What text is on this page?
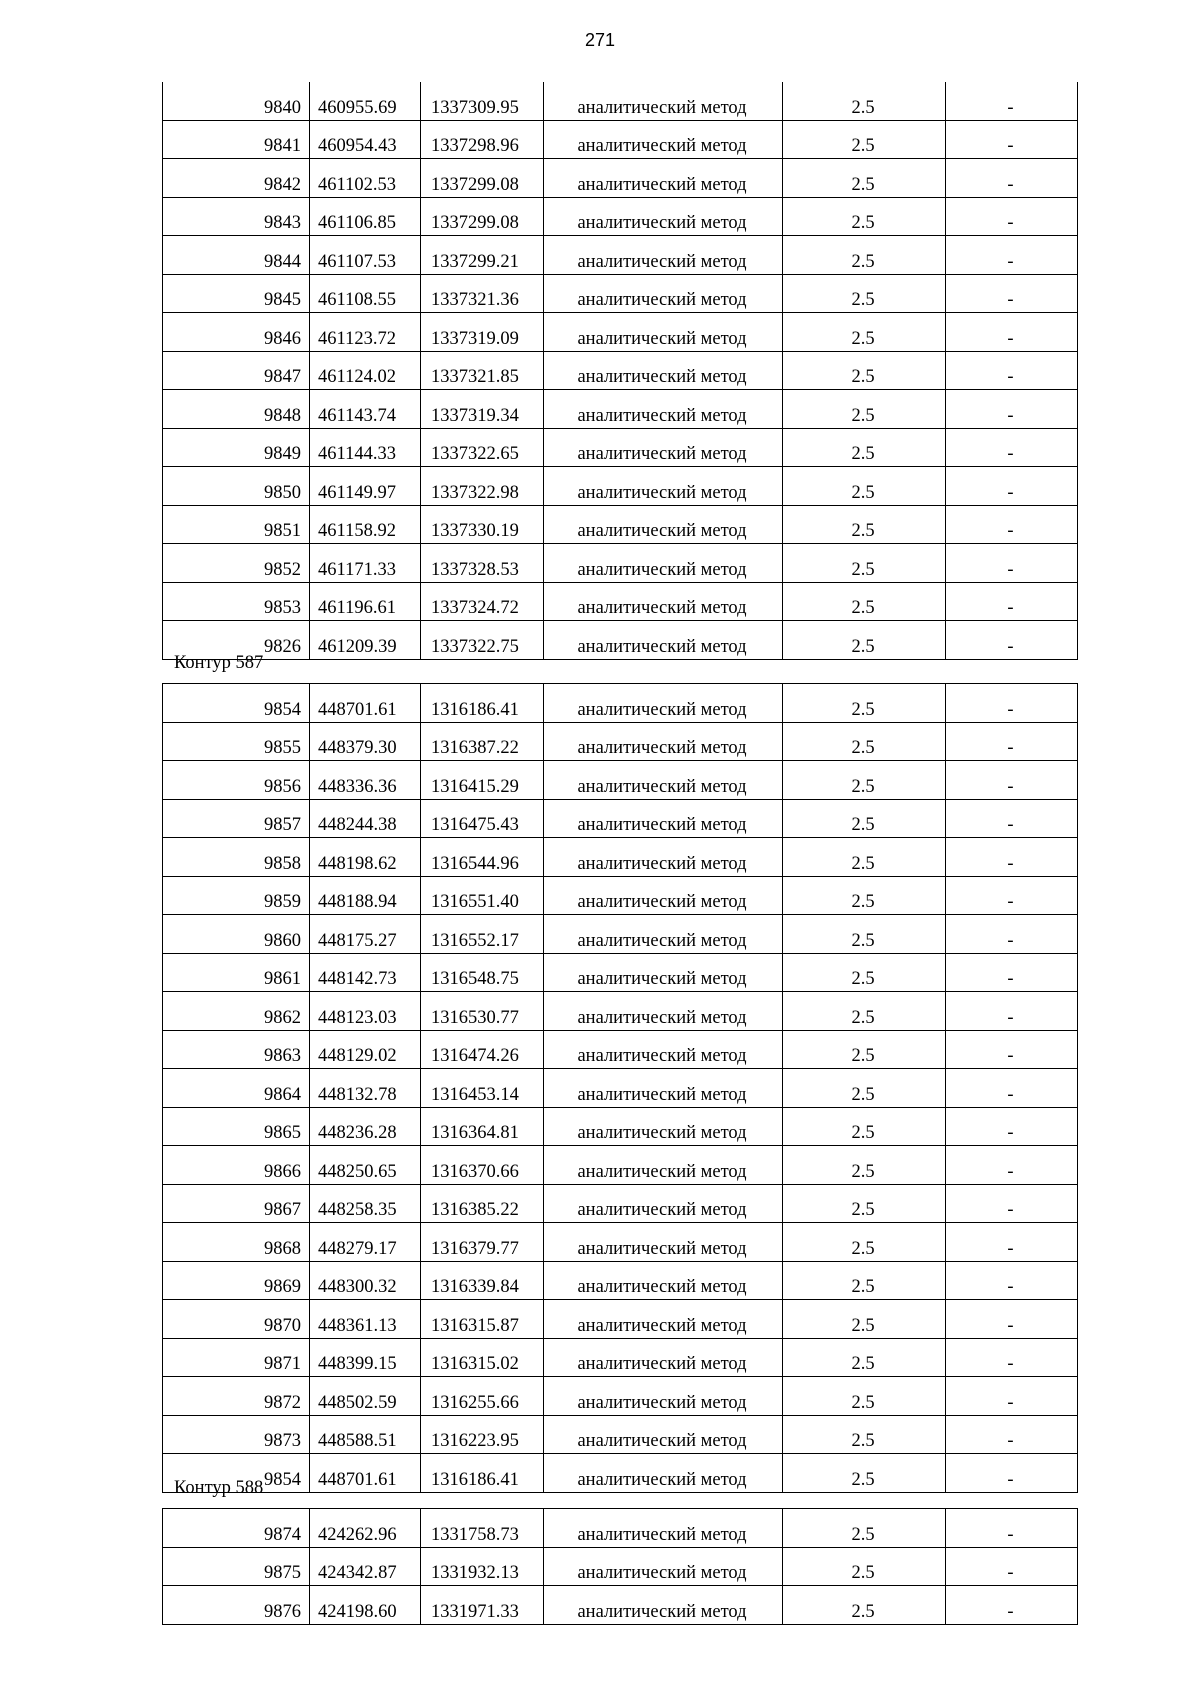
271
9840	460955.69	1337309.95	аналитический метод	2.5	-
9841	460954.43	1337298.96	аналитический метод	2.5	-
9842	461102.53	1337299.08	аналитический метод	2.5	-
9843	461106.85	1337299.08	аналитический метод	2.5	-
9844	461107.53	1337299.21	аналитический метод	2.5	-
9845	461108.55	1337321.36	аналитический метод	2.5	-
9846	461123.72	1337319.09	аналитический метод	2.5	-
9847	461124.02	1337321.85	аналитический метод	2.5	-
9848	461143.74	1337319.34	аналитический метод	2.5	-
9849	461144.33	1337322.65	аналитический метод	2.5	-
9850	461149.97	1337322.98	аналитический метод	2.5	-
9851	461158.92	1337330.19	аналитический метод	2.5	-
9852	461171.33	1337328.53	аналитический метод	2.5	-
9853	461196.61	1337324.72	аналитический метод	2.5	-
9826	461209.39	1337322.75	аналитический метод	2.5	-
Контур 587
9854	448701.61	1316186.41	аналитический метод	2.5	-
9855	448379.30	1316387.22	аналитический метод	2.5	-
9856	448336.36	1316415.29	аналитический метод	2.5	-
9857	448244.38	1316475.43	аналитический метод	2.5	-
9858	448198.62	1316544.96	аналитический метод	2.5	-
9859	448188.94	1316551.40	аналитический метод	2.5	-
9860	448175.27	1316552.17	аналитический метод	2.5	-
9861	448142.73	1316548.75	аналитический метод	2.5	-
9862	448123.03	1316530.77	аналитический метод	2.5	-
9863	448129.02	1316474.26	аналитический метод	2.5	-
9864	448132.78	1316453.14	аналитический метод	2.5	-
9865	448236.28	1316364.81	аналитический метод	2.5	-
9866	448250.65	1316370.66	аналитический метод	2.5	-
9867	448258.35	1316385.22	аналитический метод	2.5	-
9868	448279.17	1316379.77	аналитический метод	2.5	-
9869	448300.32	1316339.84	аналитический метод	2.5	-
9870	448361.13	1316315.87	аналитический метод	2.5	-
9871	448399.15	1316315.02	аналитический метод	2.5	-
9872	448502.59	1316255.66	аналитический метод	2.5	-
9873	448588.51	1316223.95	аналитический метод	2.5	-
9854	448701.61	1316186.41	аналитический метод	2.5	-
Контур 588
9874	424262.96	1331758.73	аналитический метод	2.5	-
9875	424342.87	1331932.13	аналитический метод	2.5	-
9876	424198.60	1331971.33	аналитический метод	2.5	-
